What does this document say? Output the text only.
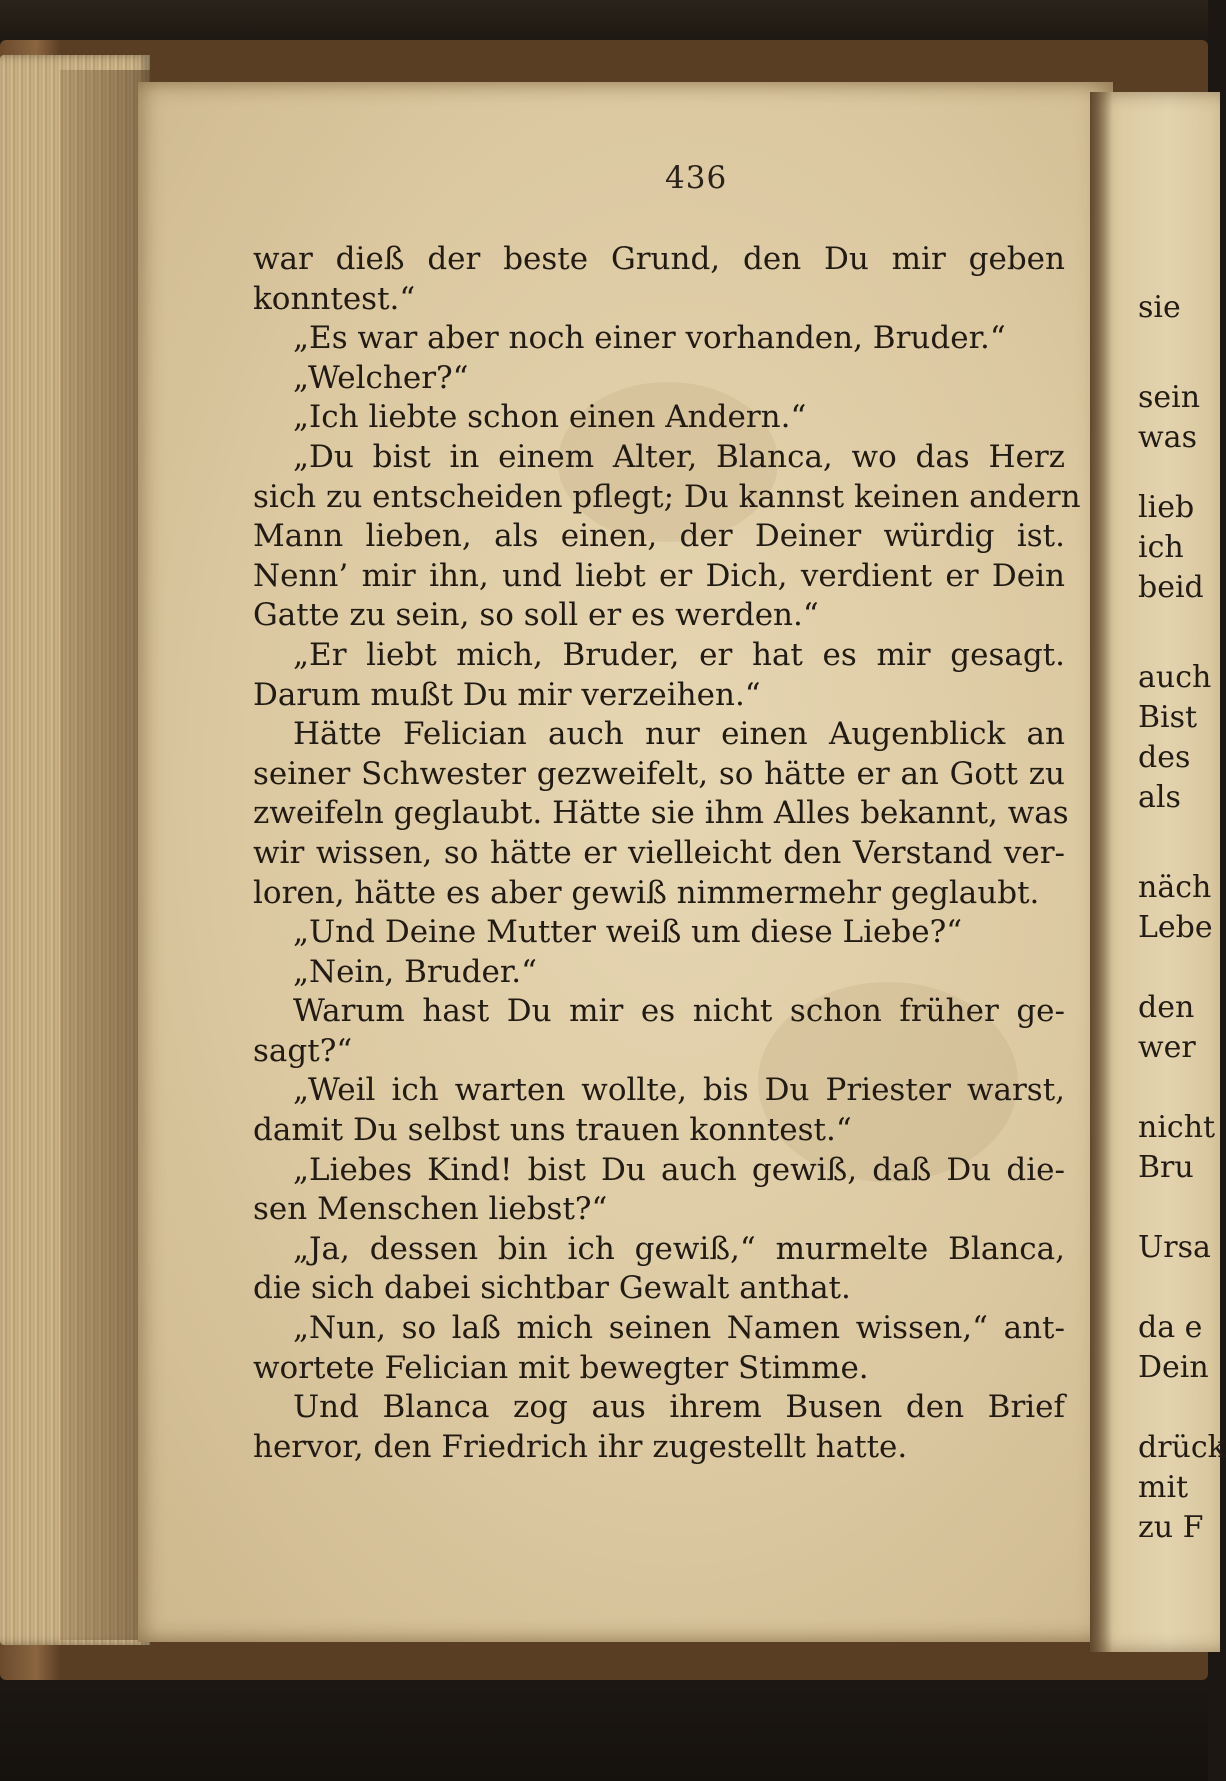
436
war dieß der beste Grund, den Du mir geben
konntest.“
„Es war aber noch einer vorhanden, Bruder.“
„Welcher?“
„Ich liebte schon einen Andern.“
„Du bist in einem Alter, Blanca, wo das Herz
sich zu entscheiden pflegt; Du kannst keinen andern
Mann lieben, als einen, der Deiner würdig ist.
Nenn’ mir ihn, und liebt er Dich, verdient er Dein
Gatte zu sein, so soll er es werden.“
„Er liebt mich, Bruder, er hat es mir gesagt.
Darum mußt Du mir verzeihen.“
Hätte Felician auch nur einen Augenblick an
seiner Schwester gezweifelt, so hätte er an Gott zu
zweifeln geglaubt. Hätte sie ihm Alles bekannt, was
wir wissen, so hätte er vielleicht den Verstand ver-
loren, hätte es aber gewiß nimmermehr geglaubt.
„Und Deine Mutter weiß um diese Liebe?“
„Nein, Bruder.“
Warum hast Du mir es nicht schon früher ge-
sagt?“
„Weil ich warten wollte, bis Du Priester warst,
damit Du selbst uns trauen konntest.“
„Liebes Kind! bist Du auch gewiß, daß Du die-
sen Menschen liebst?“
„Ja, dessen bin ich gewiß,“ murmelte Blanca,
die sich dabei sichtbar Gewalt anthat.
„Nun, so laß mich seinen Namen wissen,“ ant-
wortete Felician mit bewegter Stimme.
Und Blanca zog aus ihrem Busen den Brief
hervor, den Friedrich ihr zugestellt hatte.
sie
sein
was
lieb
ich
beid
auch
Bist
des
als
näch
Lebe
den
wer
nicht
Bru
Ursa
da e
Dein
drück
mit
zu F
